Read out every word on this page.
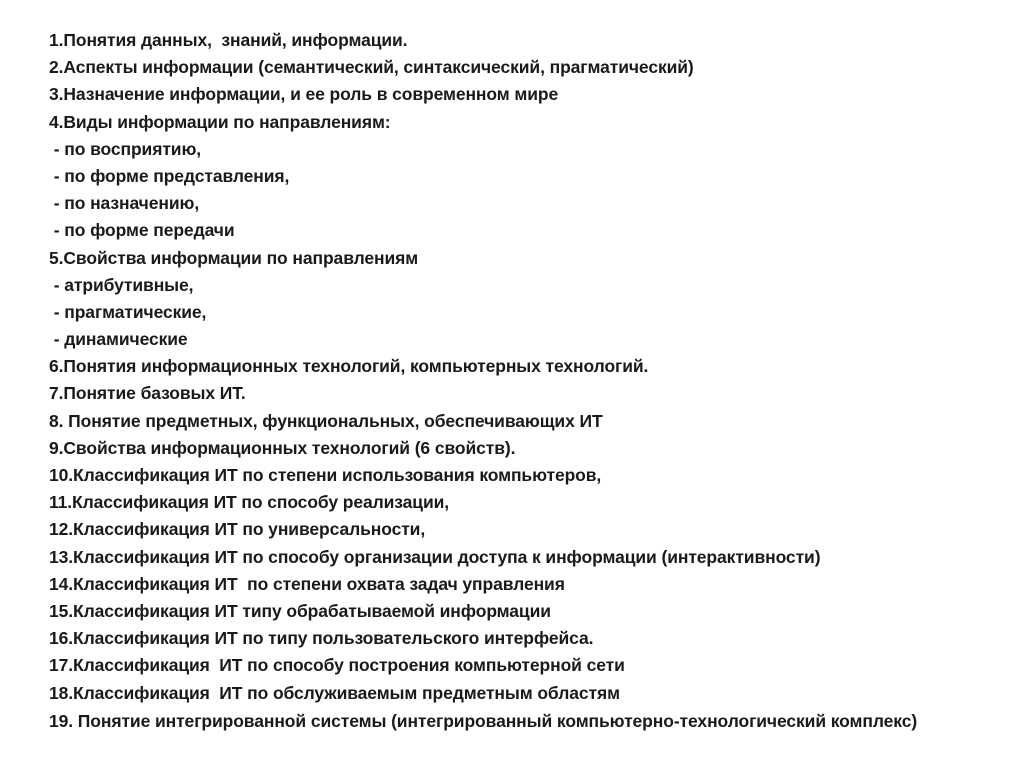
1.Понятия данных,  знаний, информации.
2.Аспекты информации (семантический, синтаксический, прагматический)
3.Назначение информации, и ее роль в современном мире
4.Виды информации по направлениям:
- по восприятию,
- по форме представления,
- по назначению,
- по форме передачи
5.Свойства информации по направлениям
- атрибутивные,
- прагматические,
- динамические
6.Понятия информационных технологий, компьютерных технологий.
7.Понятие базовых ИТ.
8. Понятие предметных, функциональных, обеспечивающих ИТ
9.Свойства информационных технологий (6 свойств).
10.Классификация ИТ по степени использования компьютеров,
11.Классификация ИТ по способу реализации,
12.Классификация ИТ по универсальности,
13.Классификация ИТ по способу организации доступа к информации (интерактивности)
14.Классификация ИТ  по степени охвата задач управления
15.Классификация ИТ типу обрабатываемой информации
16.Классификация ИТ по типу пользовательского интерфейса.
17.Классификация  ИТ по способу построения компьютерной сети
18.Классификация  ИТ по обслуживаемым предметным областям
19. Понятие интегрированной системы (интегрированный компьютерно-технологический комплекс)
